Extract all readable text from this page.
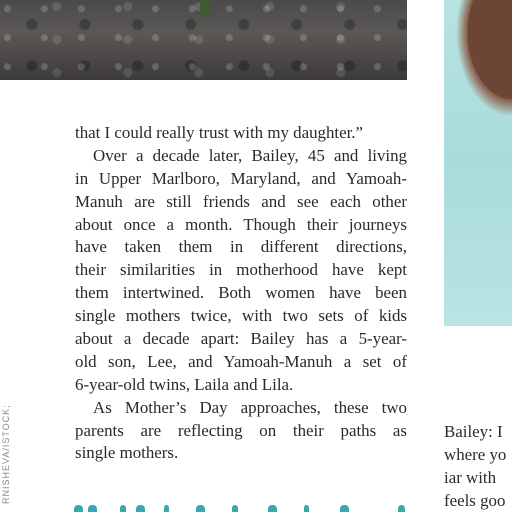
that I could really trust with my daughter.”
Over a decade later, Bailey, 45 and living
in Upper Marlboro, Maryland, and Yamoah-
Manuh are still friends and see each other
about once a month. Though their journeys
have taken them in different directions,
their similarities in motherhood have kept
them intertwined. Both women have been
single mothers twice, with two sets of kids
about a decade apart: Bailey has a 5-year-
old son, Lee, and Yamoah-Manuh a set of
6-year-old twins, Laila and Lila.
As Mother’s Day approaches, these two
parents are reflecting on their paths as
single mothers.
RNISHEVA/ISTOCK;	Bailey: I
where yo
iar with
feels goo
